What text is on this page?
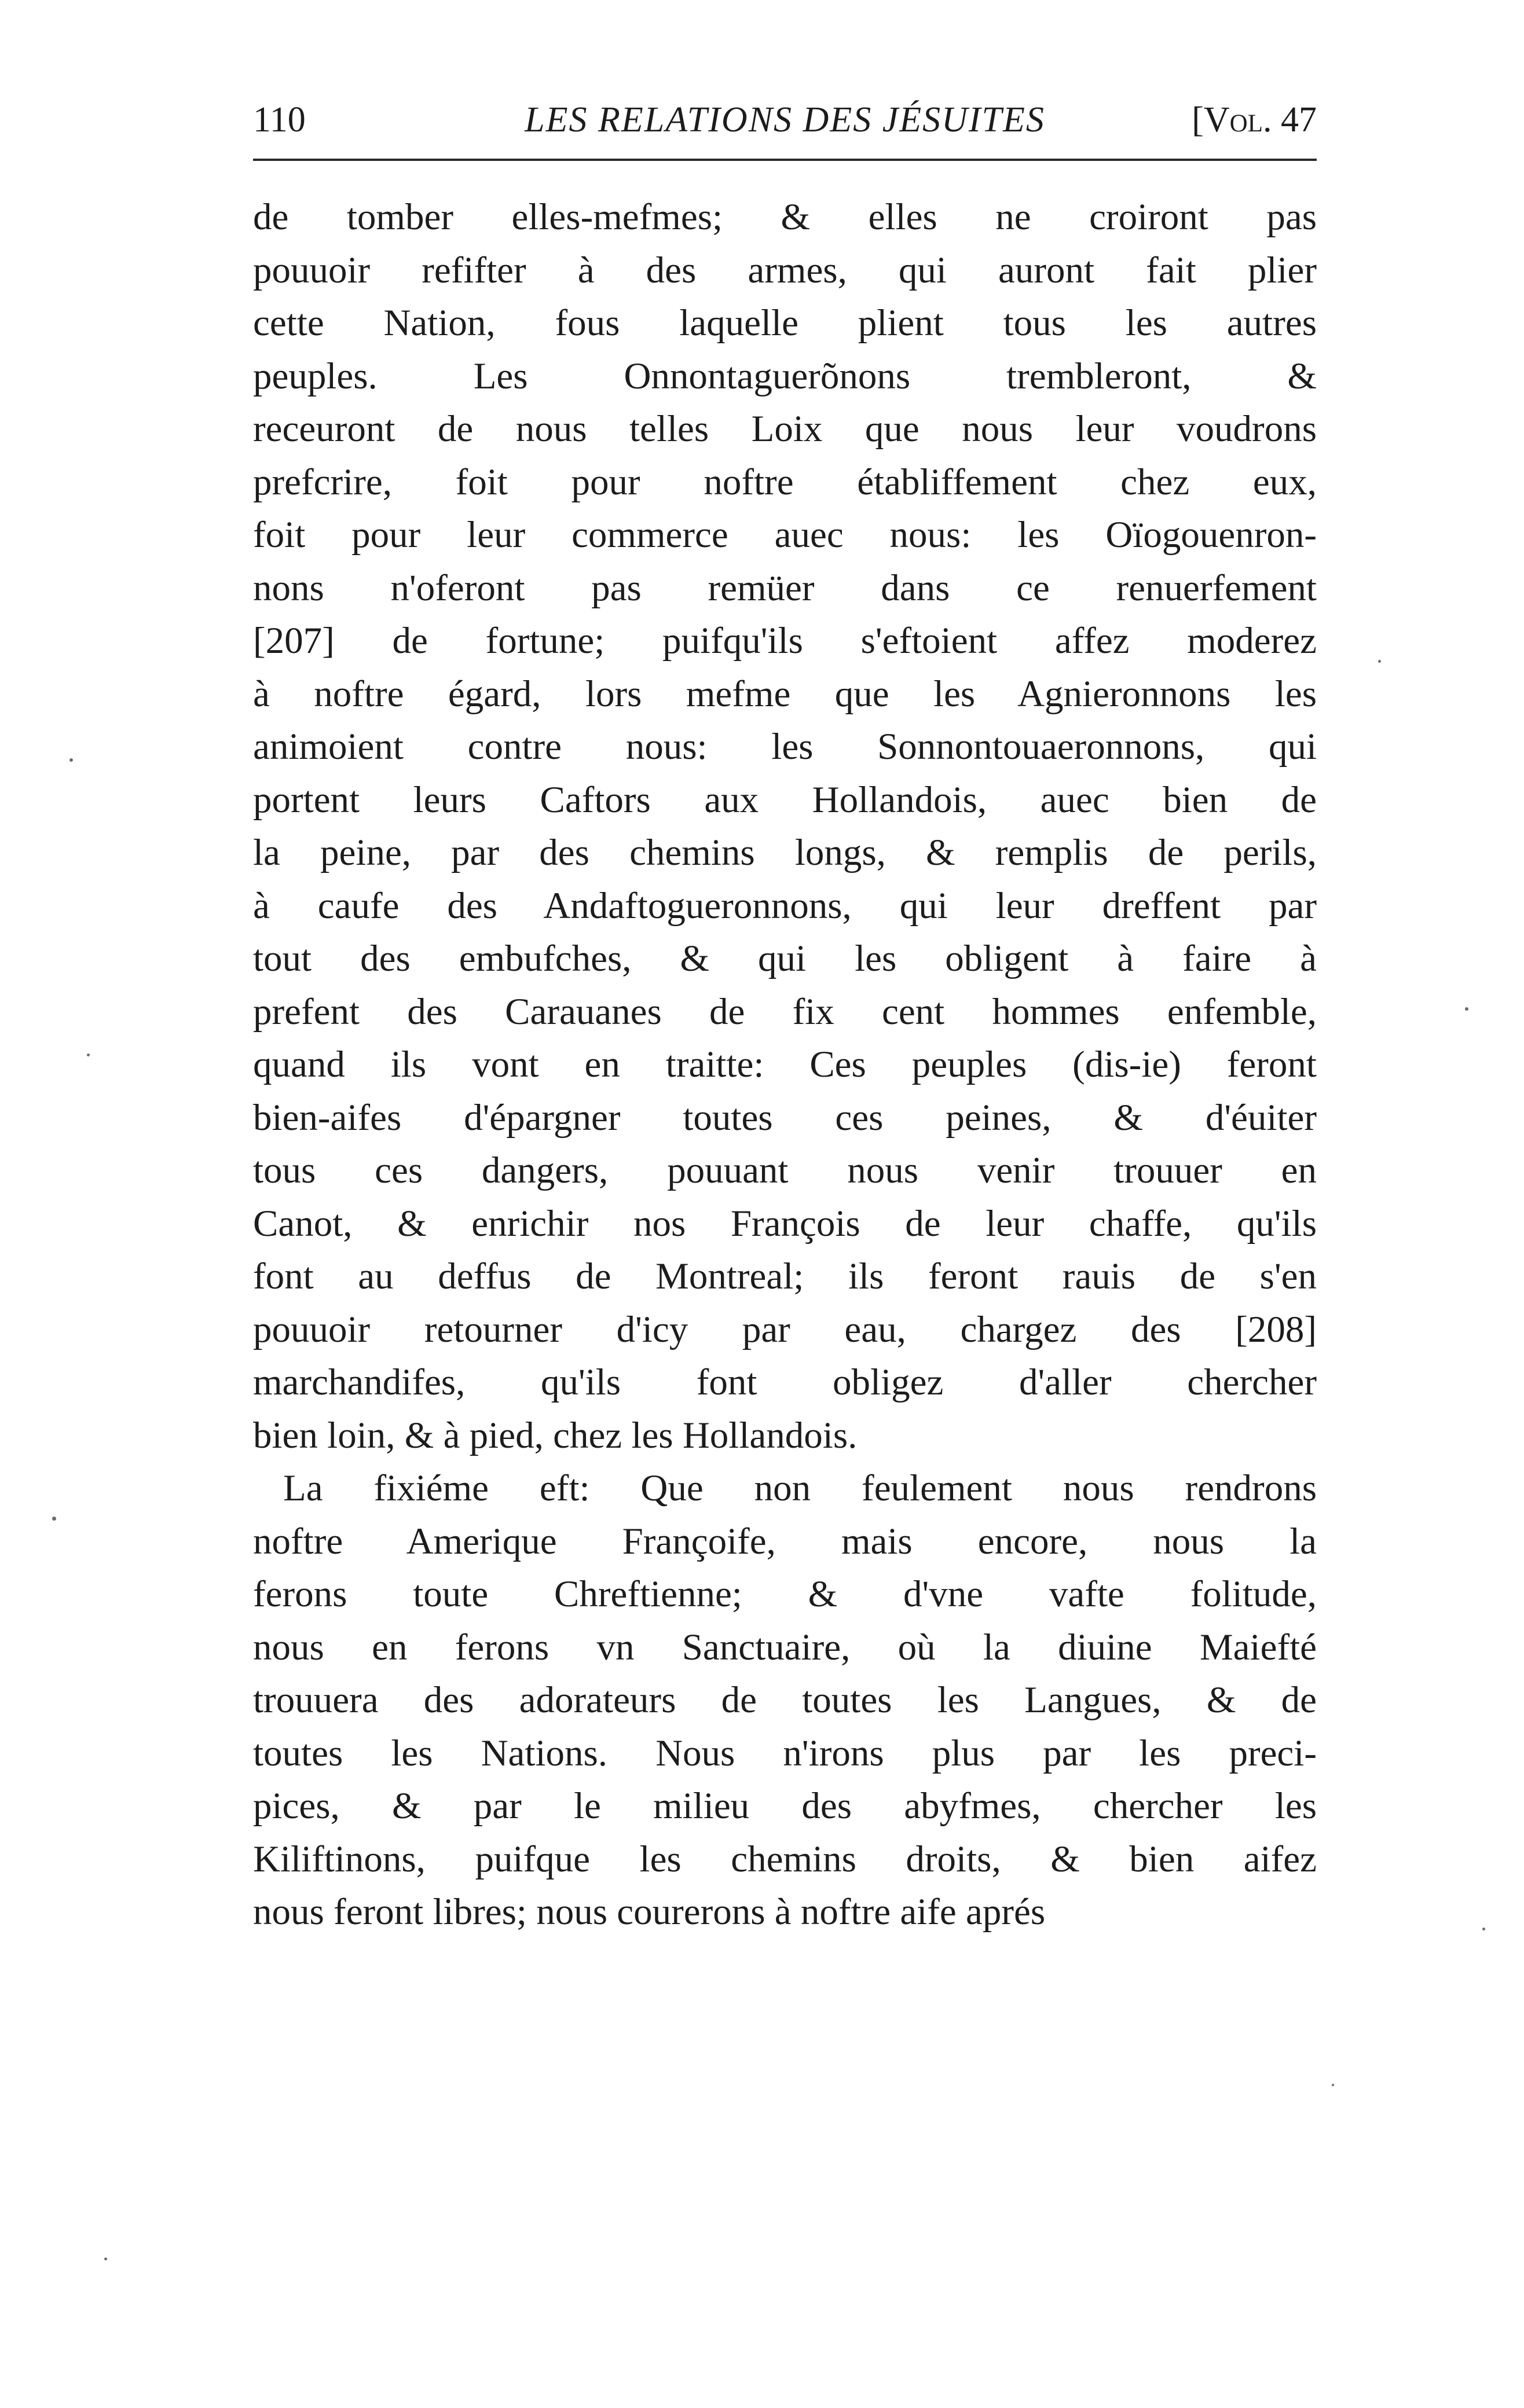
110	LES RELATIONS DES JÉSUITES	[Vol. 47
de tomber elles-mefmes; & elles ne croiront pas
pouuoir refifter à des armes, qui auront fait plier
cette Nation, fous laquelle plient tous les autres
peuples. Les Onnontaguerõnons trembleront, &
receuront de nous telles Loix que nous leur voudrons
prefcrire, foit pour noftre établiffement chez eux,
foit pour leur commerce auec nous: les Oïogouenron-
nons n'oferont pas remüer dans ce renuerfement
[207] de fortune; puifqu'ils s'eftoient affez moderez
à noftre égard, lors mefme que les Agnieronnons les
animoient contre nous: les Sonnontouaeronnons, qui
portent leurs Caftors aux Hollandois, auec bien de
la peine, par des chemins longs, & remplis de perils,
à caufe des Andaftogueronnons, qui leur dreffent par
tout des embufches, & qui les obligent à faire à
prefent des Carauanes de fix cent hommes enfemble,
quand ils vont en traitte: Ces peuples (dis-ie) feront
bien-aifes d'épargner toutes ces peines, & d'éuiter
tous ces dangers, pouuant nous venir trouuer en
Canot, & enrichir nos François de leur chaffe, qu'ils
font au deffus de Montreal; ils feront rauis de s'en
pouuoir retourner d'icy par eau, chargez des [208]
marchandifes, qu'ils font obligez d'aller chercher
bien loin, & à pied, chez les Hollandois.
La fixiéme eft: Que non feulement nous rendrons
noftre Amerique Françoife, mais encore, nous la
ferons toute Chreftienne; & d'vne vafte folitude,
nous en ferons vn Sanctuaire, où la diuine Maiefté
trouuera des adorateurs de toutes les Langues, & de
toutes les Nations. Nous n'irons plus par les preci-
pices, & par le milieu des abyfmes, chercher les
Kiliftinons, puifque les chemins droits, & bien aifez
nous feront libres; nous courerons à noftre aife aprés
